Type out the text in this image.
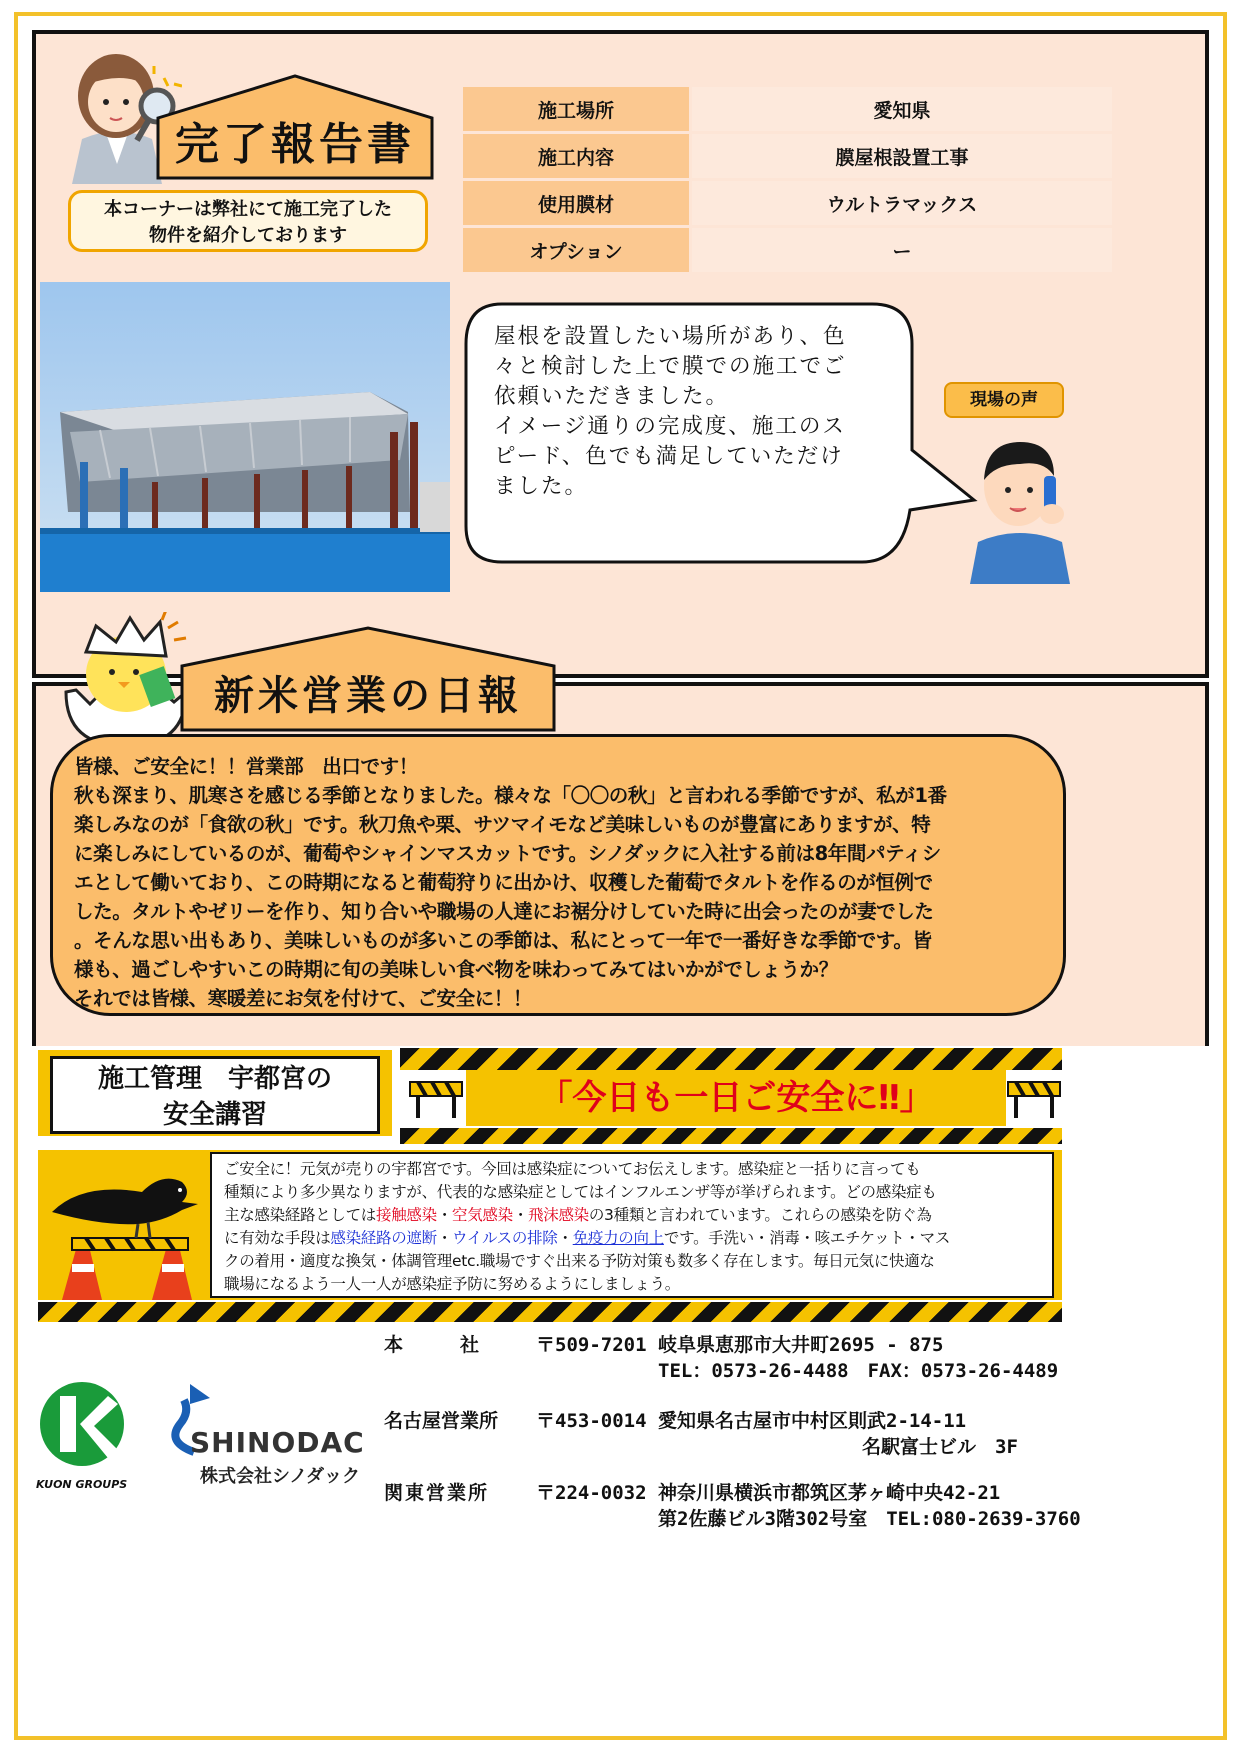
完了報告書
本コーナーは弊社にて施工完了した
物件を紹介しております
施工場所	愛知県
施工内容	膜屋根設置工事
使用膜材	ウルトラマックス
オプション	ー
屋根を設置したい場所があり、色
々と検討した上で膜での施工でご
依頼いただきました。
イメージ通りの完成度、施工のス
ピード、色でも満足していただけ
ました。
現場の声
新米営業の日報

皆様、ご安全に！！営業部　出口です！

秋も深まり、肌寒さを感じる季節となりました。様々な「〇〇の秋」と言われる季節ですが、私が1番

楽しみなのが「食欲の秋」です。秋刀魚や栗、サツマイモなど美味しいものが豊富にありますが、特

に楽しみにしているのが、葡萄やシャインマスカットです。シノダックに入社する前は8年間パティシ

エとして働いており、この時期になると葡萄狩りに出かけ、収穫した葡萄でタルトを作るのが恒例で

した。タルトやゼリーを作り、知り合いや職場の人達にお裾分けしていた時に出会ったのが妻でした

。そんな思い出もあり、美味しいものが多いこの季節は、私にとって一年で一番好きな季節です。皆

様も、過ごしやすいこの時期に旬の美味しい食べ物を味わってみてはいかがでしょうか？

それでは皆様、寒暖差にお気を付けて、ご安全に！！

施工管理　宇都宮の
安全講習	「今日も一日ご安全に‼」
ご安全に！元気が売りの宇都宮です。今回は感染症についてお伝えします。感染症と一括りに言っても
種類により多少異なりますが、代表的な感染症としてはインフルエンザ等が挙げられます。どの感染症も
主な感染経路としては接触感染・空気感染・飛沫感染の3種類と言われています。これらの感染を防ぐ為
に有効な手段は感染経路の遮断・ウイルスの排除・免疫力の向上です。手洗い・消毒・咳エチケット・マス
クの着用・適度な換気・体調管理etc.職場ですぐ出来る予防対策も数多く存在します。毎日元気に快適な
職場になるよう一人一人が感染症予防に努めるようにしましょう。
KUON GROUPS
SHINODAC
株式会社シノダック
本　　　社	〒509-7201 岐阜県恵那市大井町2695 - 875
TEL：0573-26-4488　FAX：0573-26-4489
名古屋営業所 〒453-0014 愛知県名古屋市中村区則武2-14-11
名駅富士ビル　3F
関東営業所 〒224-0032 神奈川県横浜市都筑区茅ヶ崎中央42-21
第2佐藤ビル3階302号室　TEL:080-2639-3760
